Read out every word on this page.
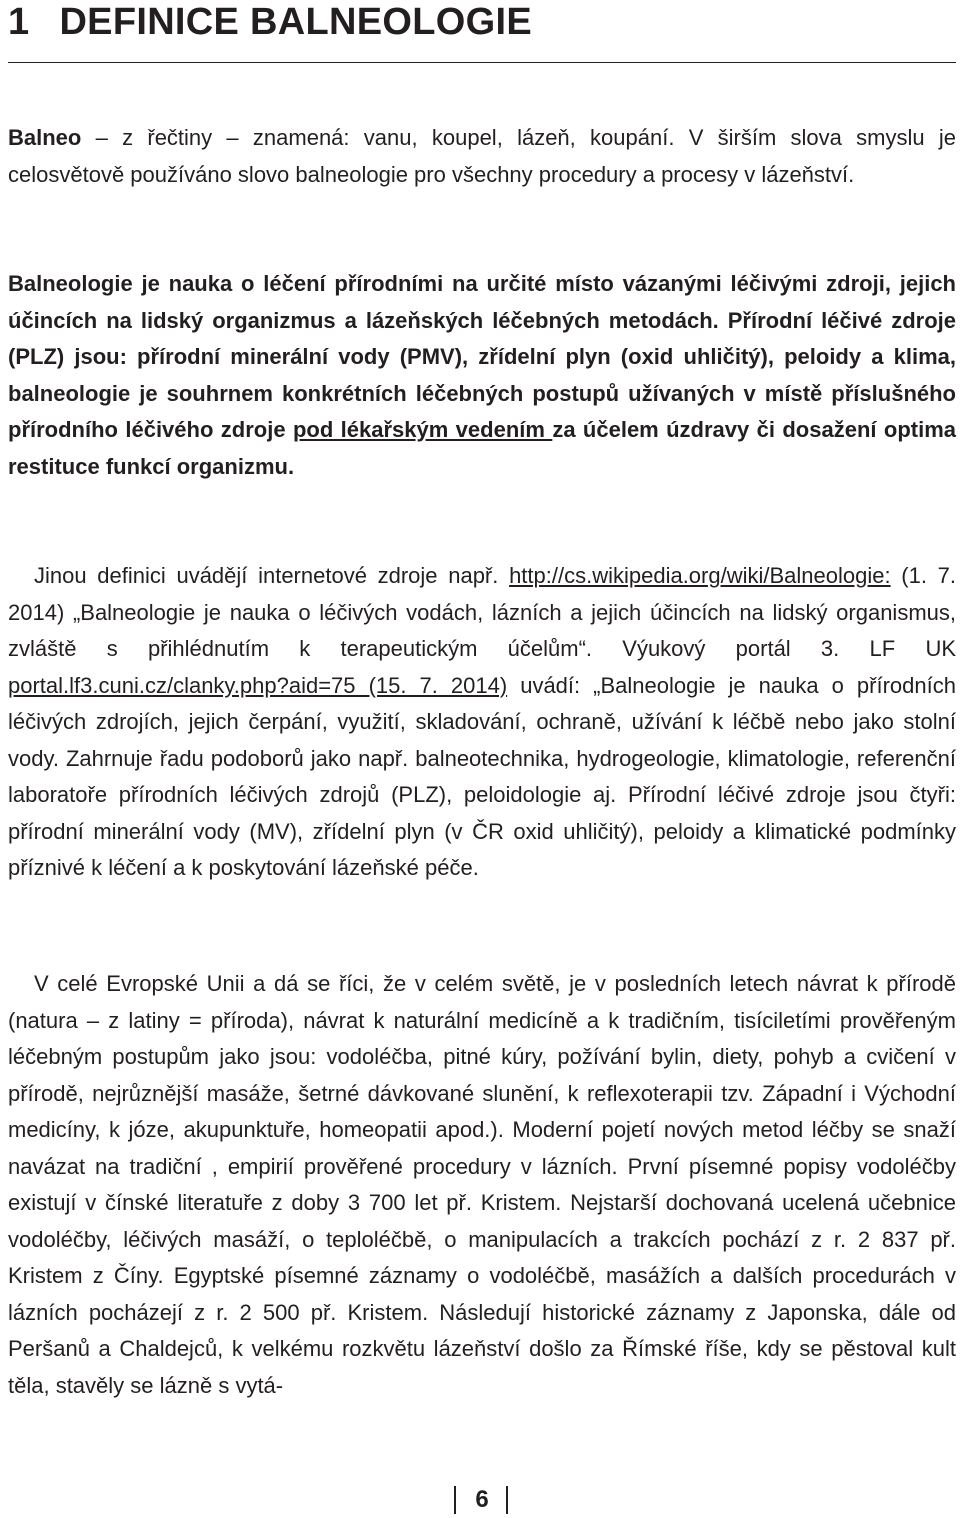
1 DEFINICE BALNEOLOGIE

Balneo – z řečtiny – znamená: vanu, koupel, lázeň, koupání. V širším slova smyslu je celosvětově používáno slovo balneologie pro všechny procedury a procesy v lázeňství.

Balneologie je nauka o léčení přírodními na určité místo vázanými léčivými zdroji, jejich účincích na lidský organizmus a lázeňských léčebných metodách. Přírodní léčivé zdroje (PLZ) jsou: přírodní minerální vody (PMV), zřídelní plyn (oxid uhličitý), peloidy a klima, balneologie je souhrnem konkrétních léčebných postupů užívaných v místě příslušného přírodního léčivého zdroje pod lékařským vedením za účelem úzdravy či dosažení optima restituce funkcí organizmu.

Jinou definici uvádějí internetové zdroje např. http://cs.wikipedia.org/wiki/Balneologie: (1. 7. 2014) „Balneologie je nauka o léčivých vodách, lázních a jejich účincích na lidský organismus, zvláště s přihlédnutím k terapeutickým účelům“. Výukový portál 3. LF UK portal.lf3.cuni.cz/clanky.php?aid=75 (15. 7. 2014) uvádí: „Balneologie je nauka o přírodních léčivých zdrojích, jejich čerpání, využití, skladování, ochraně, užívání k léčbě nebo jako stolní vody. Zahrnuje řadu podoborů jako např. balneotechnika, hydrogeologie, klimatologie, referenční laboratoře přírodních léčivých zdrojů (PLZ), peloidologie aj. Přírodní léčivé zdroje jsou čtyři: přírodní minerální vody (MV), zřídelní plyn (v ČR oxid uhličitý), peloidy a klimatické podmínky příznivé k léčení a k poskytování lázeňské péče.

V celé Evropské Unii a dá se říci, že v celém světě, je v posledních letech návrat k přírodě (natura – z latiny = příroda), návrat k naturální medicíně a k tradičním, tisíciletími prověřeným léčebným postupům jako jsou: vodoléčba, pitné kúry, požívání bylin, diety, pohyb a cvičení v přírodě, nejrůznější masáže, šetrné dávkované slunění, k reflexoterapii tzv. Západní i Východní medicíny, k józe, akupunktuře, homeopatii apod.). Moderní pojetí nových metod léčby se snaží navázat na tradiční , empirií prověřené procedury v lázních. První písemné popisy vodoléčby existují v čínské literatuře z doby 3 700 let př. Kristem. Nejstarší dochovaná ucelená učebnice vodoléčby, léčivých masáží, o teploléčbě, o manipulacích a trakcích pochází z r. 2 837 př. Kristem z Číny. Egyptské písemné záznamy o vodoléčbě, masážích a dalších procedurách v lázních pocházejí z r. 2 500 př. Kristem. Následují historické záznamy z Japonska, dále od Peršanů a Chaldejců, k velkému rozkvětu lázeňství došlo za Římské říše, kdy se pěstoval kult těla, stavěly se lázně s vytá-

6
